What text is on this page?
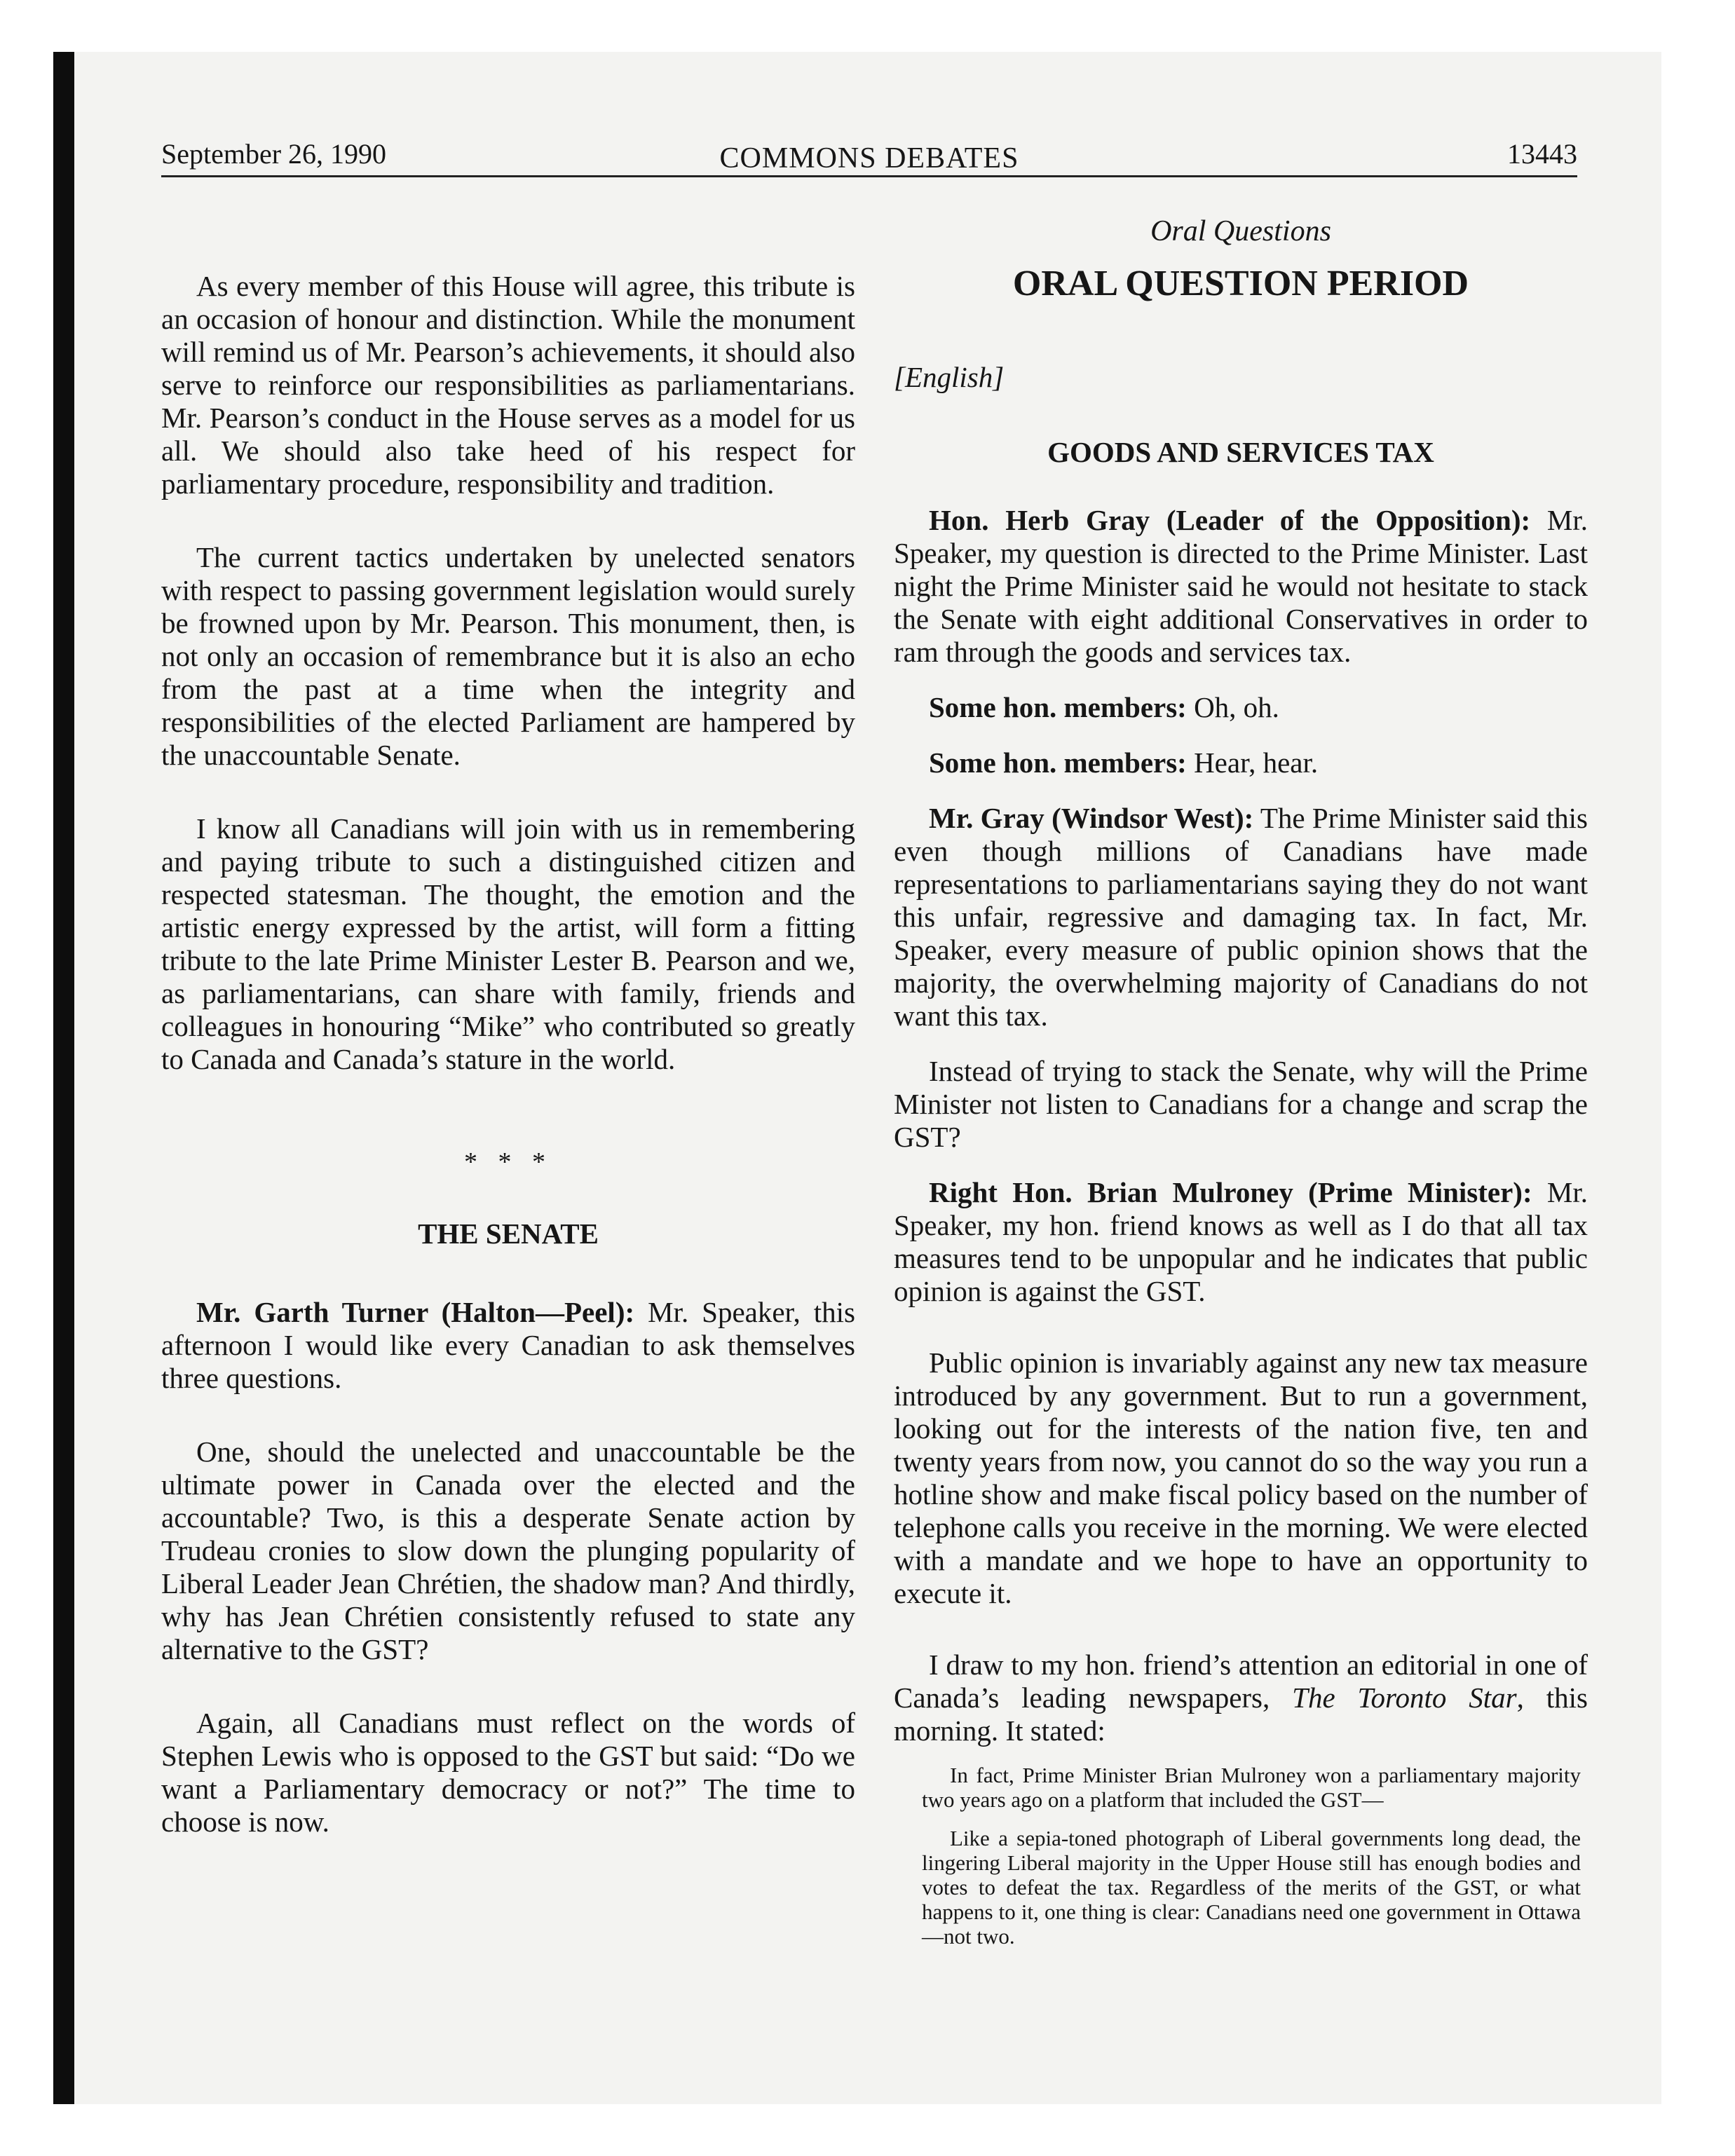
September 26, 1990	COMMONS DEBATES	13443

As every member of this House will agree, this tribute is an occasion of honour and distinction. While the monument will remind us of Mr. Pearson’s achievements, it should also serve to reinforce our responsibilities as parliamentarians. Mr. Pearson’s conduct in the House serves as a model for us all. We should also take heed of his respect for parliamentary procedure, responsibility and tradition.

The current tactics undertaken by unelected senators with respect to passing government legislation would surely be frowned upon by Mr. Pearson. This monument, then, is not only an occasion of remembrance but it is also an echo from the past at a time when the integrity and responsibilities of the elected Parliament are hampered by the unaccountable Senate.

I know all Canadians will join with us in remembering and paying tribute to such a distinguished citizen and respected statesman. The thought, the emotion and the artistic energy expressed by the artist, will form a fitting tribute to the late Prime Minister Lester B. Pearson and we, as parliamentarians, can share with family, friends and colleagues in honouring “Mike” who contributed so greatly to Canada and Canada’s stature in the world.

* * *
THE SENATE

Mr. Garth Turner (Halton—Peel): Mr. Speaker, this afternoon I would like every Canadian to ask themselves three questions.

One, should the unelected and unaccountable be the ultimate power in Canada over the elected and the accountable? Two, is this a desperate Senate action by Trudeau cronies to slow down the plunging popularity of Liberal Leader Jean Chrétien, the shadow man? And thirdly, why has Jean Chrétien consistently refused to state any alternative to the GST?

Again, all Canadians must reflect on the words of Stephen Lewis who is opposed to the GST but said: “Do we want a Parliamentary democracy or not?” The time to choose is now.

Oral Questions
ORAL QUESTION PERIOD
[English]
GOODS AND SERVICES TAX

Hon. Herb Gray (Leader of the Opposition): Mr. Speaker, my question is directed to the Prime Minister. Last night the Prime Minister said he would not hesitate to stack the Senate with eight additional Conservatives in order to ram through the goods and services tax.

Some hon. members: Oh, oh.

Some hon. members: Hear, hear.

Mr. Gray (Windsor West): The Prime Minister said this even though millions of Canadians have made representations to parliamentarians saying they do not want this unfair, regressive and damaging tax. In fact, Mr. Speaker, every measure of public opinion shows that the majority, the overwhelming majority of Canadians do not want this tax.

Instead of trying to stack the Senate, why will the Prime Minister not listen to Canadians for a change and scrap the GST?

Right Hon. Brian Mulroney (Prime Minister): Mr. Speaker, my hon. friend knows as well as I do that all tax measures tend to be unpopular and he indicates that public opinion is against the GST.

Public opinion is invariably against any new tax measure introduced by any government. But to run a government, looking out for the interests of the nation five, ten and twenty years from now, you cannot do so the way you run a hotline show and make fiscal policy based on the number of telephone calls you receive in the morning. We were elected with a mandate and we hope to have an opportunity to execute it.

I draw to my hon. friend’s attention an editorial in one of Canada’s leading newspapers, The Toronto Star, this morning. It stated:

In fact, Prime Minister Brian Mulroney won a parliamentary majority two years ago on a platform that included the GST—

Like a sepia-toned photograph of Liberal governments long dead, the lingering Liberal majority in the Upper House still has enough bodies and votes to defeat the tax. Regardless of the merits of the GST, or what happens to it, one thing is clear: Canadians need one government in Ottawa—not two.
